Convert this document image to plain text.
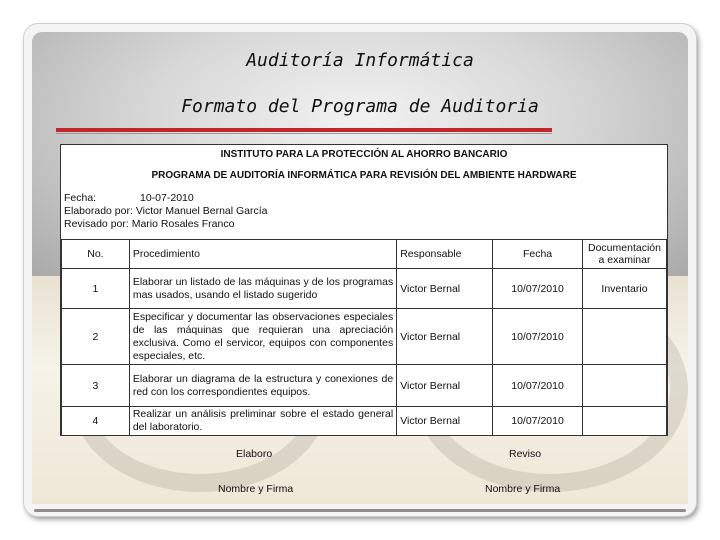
Auditoría Informática
Formato del Programa de Auditoria
INSTITUTO PARA LA PROTECCIÓN AL AHORRO BANCARIO
PROGRAMA DE AUDITORÍA INFORMÁTICA PARA REVISIÓN DEL AMBIENTE HARDWARE
Fecha:	10-07-2010
Elaborado por: Victor Manuel Bernal García
Revisado por: Mario Rosales Franco
No.	Procedimiento	Responsable	Fecha	Documentación a examinar
1	Elaborar un listado de las máquinas y de los programas mas usados, usando el listado sugerido	Victor Bernal	10/07/2010	Inventario
2	Especificar y documentar las observaciones especiales de las máquinas que requieran una apreciación exclusiva. Como el servicor, equipos con componentes especiales, etc.	Victor Bernal	10/07/2010	
3	Elaborar un diagrama de la estructura y conexiones de red con los correspondientes equipos.	Victor Bernal	10/07/2010	
4	Realizar un análisis preliminar sobre el estado general del laboratorio.	Victor Bernal	10/07/2010	
Elaboro	Reviso
Nombre y Firma	Nombre y Firma
